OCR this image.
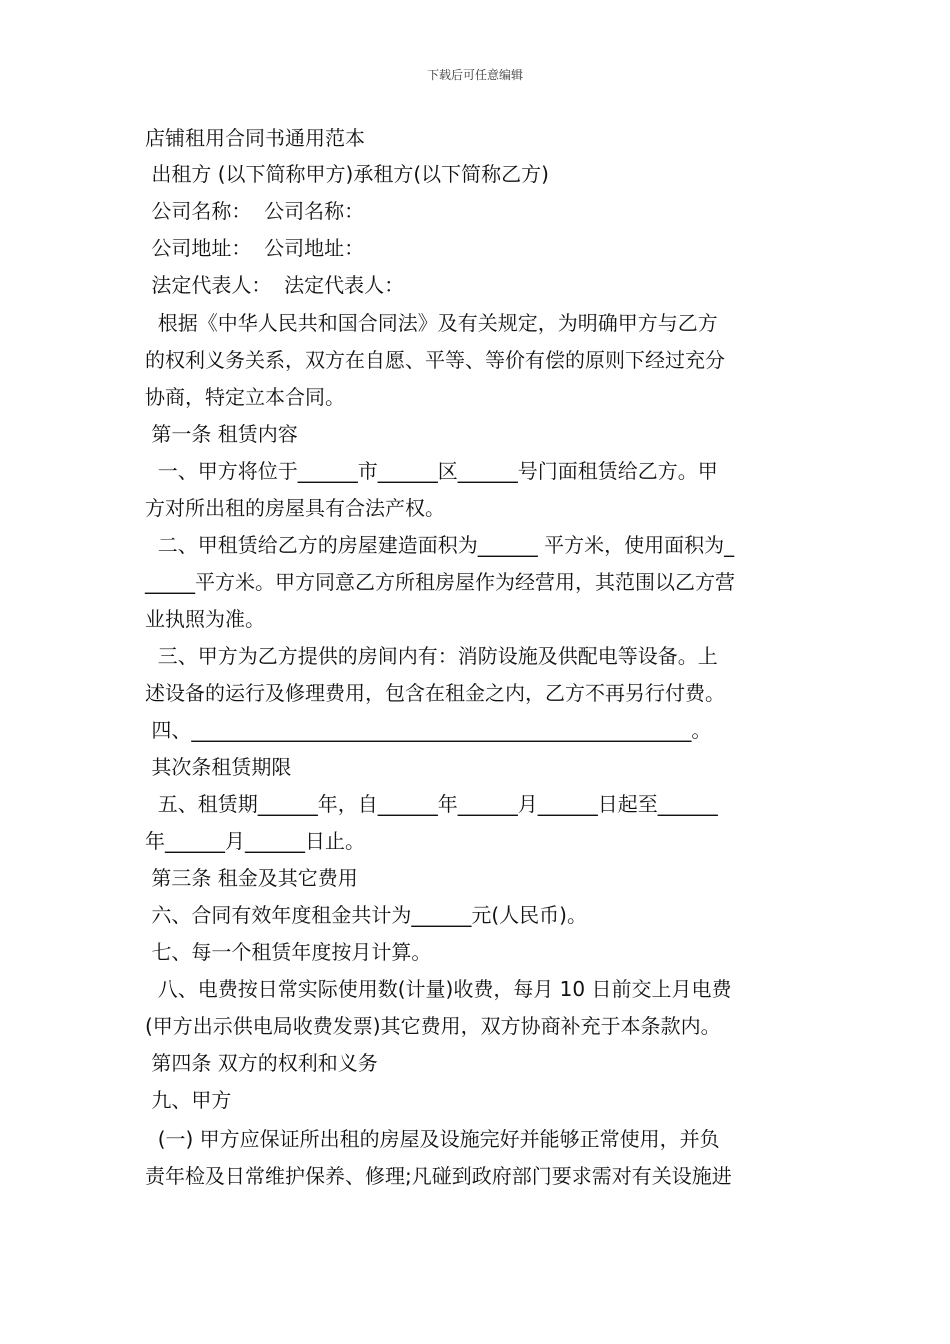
下载后可任意编辑
店铺租用合同书通用范本
出租方 (以下简称甲方)承租方(以下简称乙方)
公司名称：  公司名称：
公司地址：  公司地址：
法定代表人：  法定代表人：
根据《中华人民共和国合同法》及有关规定，为明确甲方与乙方
的权利义务关系，双方在自愿、平等、等价有偿的原则下经过充分
协商，特定立本合同。
第一条 租赁内容
一、甲方将位于______市______区______号门面租赁给乙方。甲
方对所出租的房屋具有合法产权。
二、甲租赁给乙方的房屋建造面积为______ 平方米，使用面积为_
_____平方米。甲方同意乙方所租房屋作为经营用，其范围以乙方营
业执照为准。
三、甲方为乙方提供的房间内有：消防设施及供配电等设备。上
述设备的运行及修理费用，包含在租金之内，乙方不再另行付费。
四、__________________________________________________。
其次条租赁期限
五、租赁期______年，自______年______月______日起至______
年______月______日止。
第三条 租金及其它费用
六、合同有效年度租金共计为______元(人民币)。
七、每一个租赁年度按月计算。
八、电费按日常实际使用数(计量)收费，每月 10 日前交上月电费
(甲方出示供电局收费发票)其它费用，双方协商补充于本条款内。
第四条 双方的权利和义务
九、甲方
(一) 甲方应保证所出租的房屋及设施完好并能够正常使用，并负
责年检及日常维护保养、修理;凡碰到政府部门要求需对有关设施进
